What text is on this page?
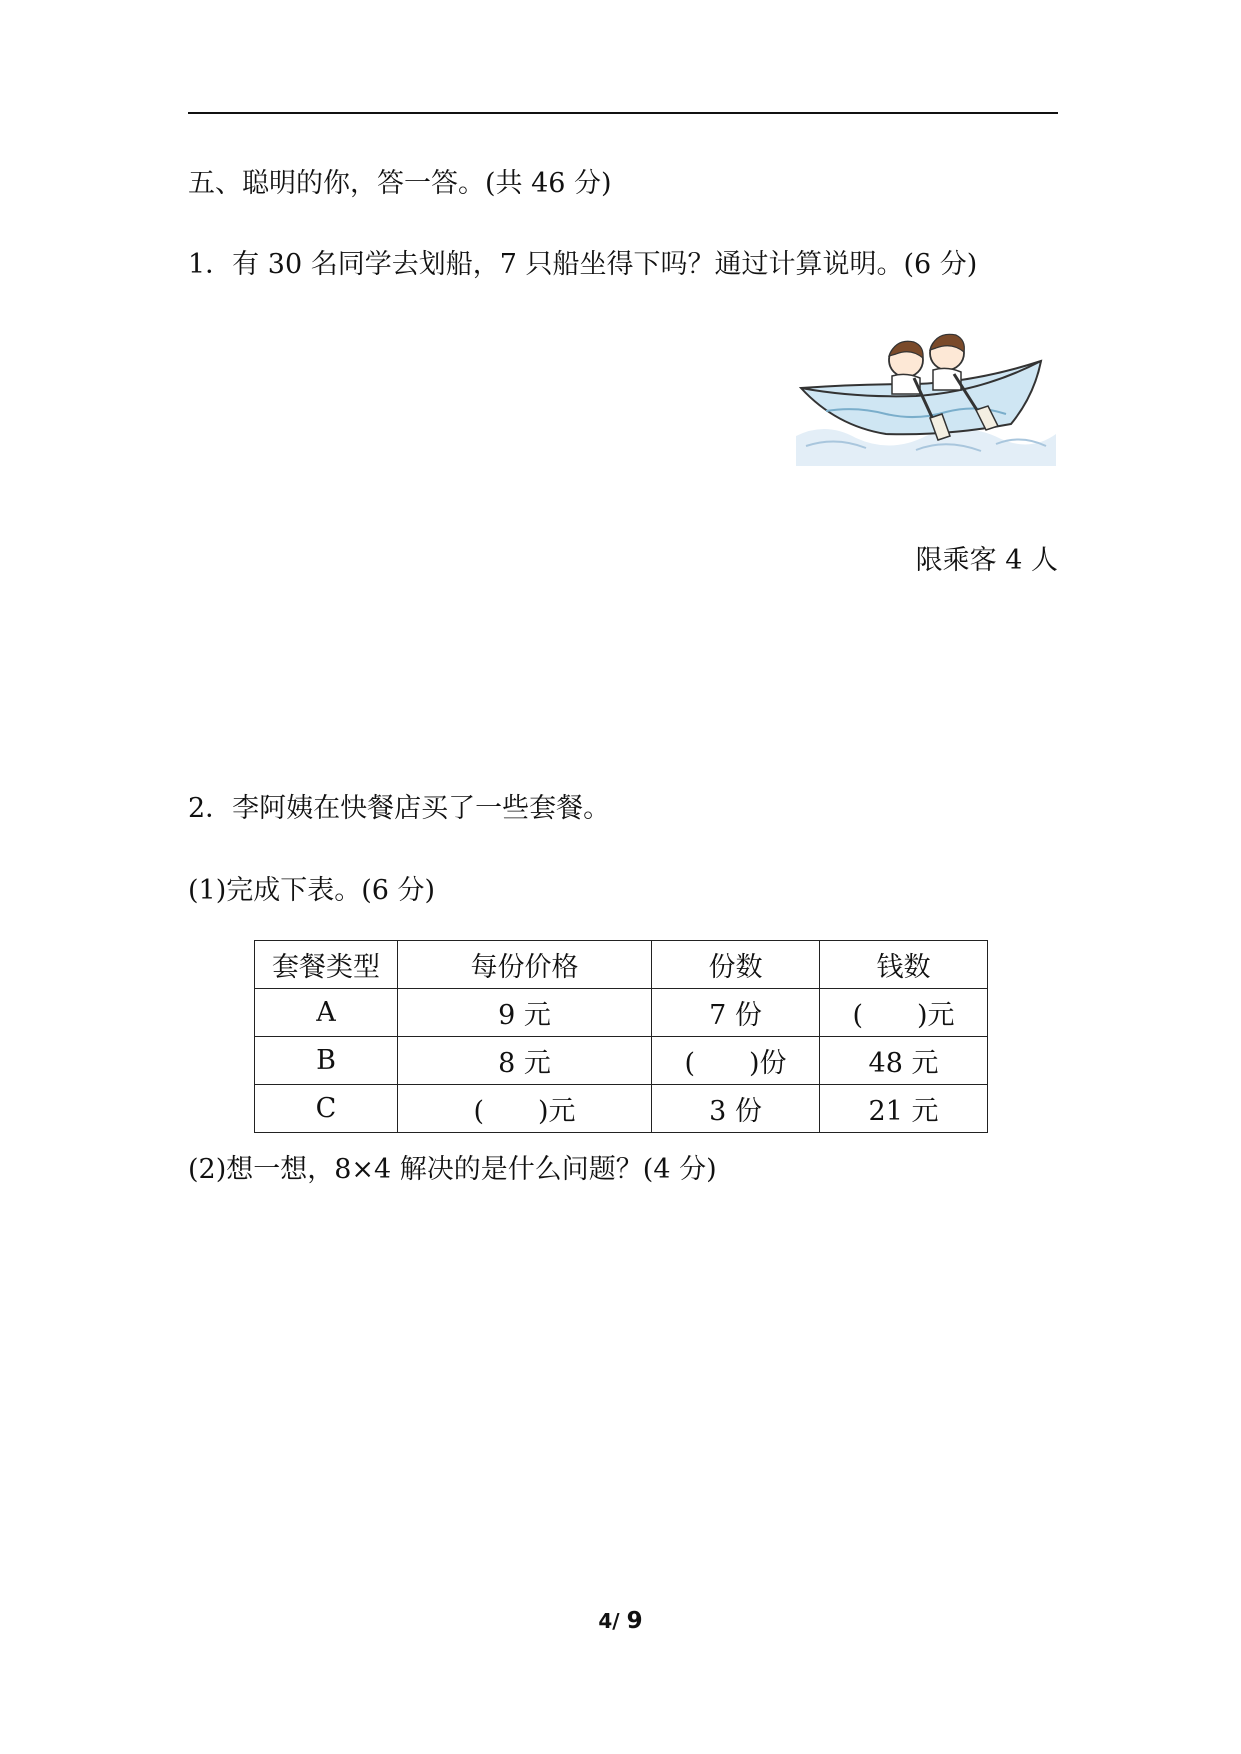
五、聪明的你，答一答。(共 46 分)
1．有 30 名同学去划船，7 只船坐得下吗？通过计算说明。(6 分)
限乘客 4 人
2．李阿姨在快餐店买了一些套餐。
(1)完成下表。(6 分)
套餐类型	每份价格	份数	钱数
A	9 元	7 份	(　　)元
B	8 元	(　　)份	48 元
C	(　　)元	3 份	21 元
(2)想一想，8×4 解决的是什么问题？(4 分)
4/ 9
